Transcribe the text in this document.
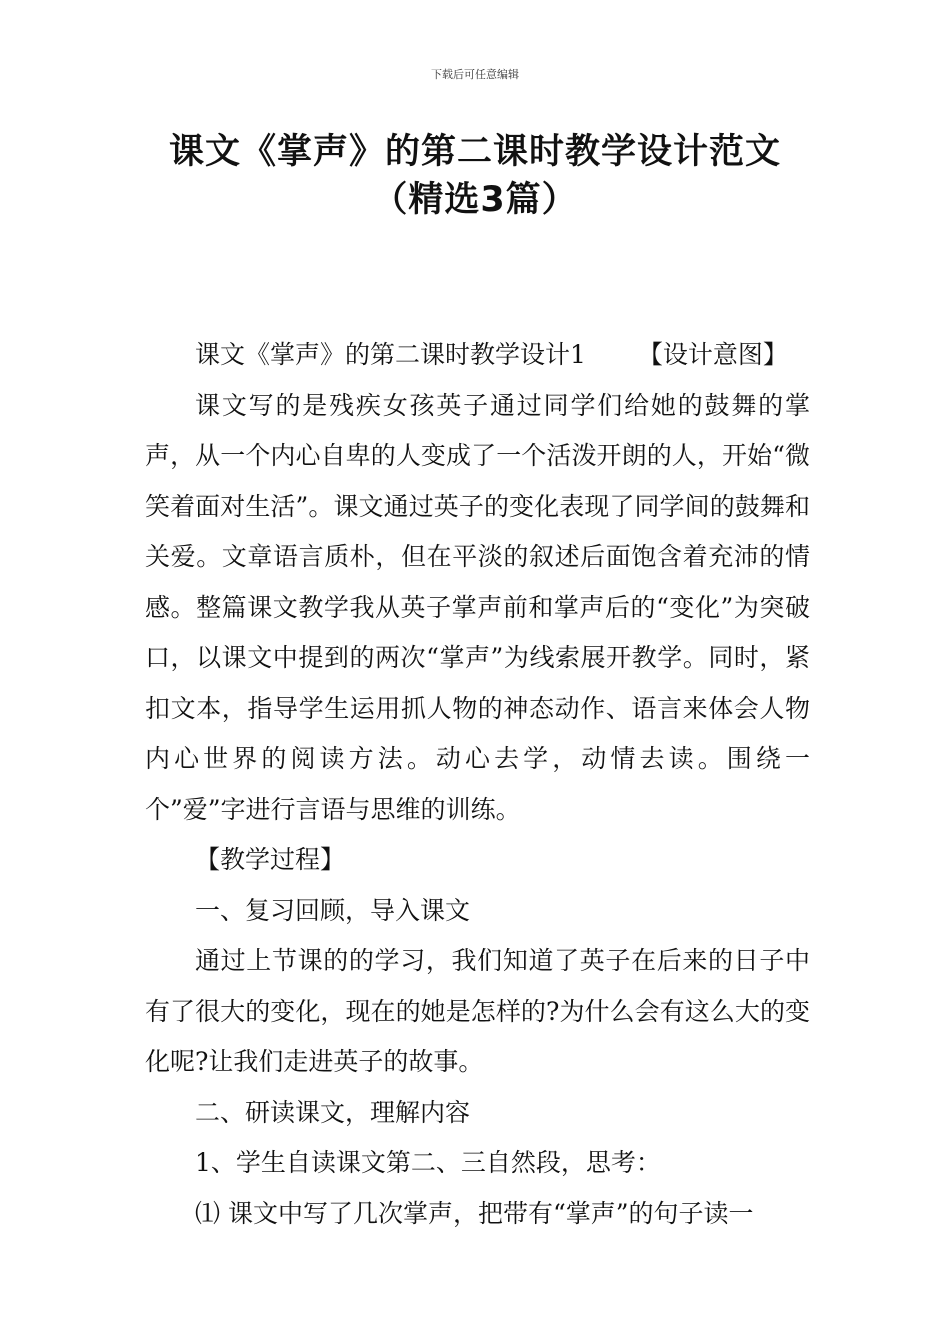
下载后可任意编辑
课文《掌声》的第二课时教学设计范文
（精选3篇）

课文《掌声》的第二课时教学设计1 【设计意图】

课文写的是残疾女孩英子通过同学们给她的鼓舞的掌声，从一个内心自卑的人变成了一个活泼开朗的人，开始“微笑着面对生活”。课文通过英子的变化表现了同学间的鼓舞和关爱。文章语言质朴，但在平淡的叙述后面饱含着充沛的情感。整篇课文教学我从英子掌声前和掌声后的“变化”为突破口，以课文中提到的两次“掌声”为线索展开教学。同时，紧扣文本，指导学生运用抓人物的神态动作、语言来体会人物内心世界的阅读方法。动心去学，动情去读。围绕一个”爱”字进行言语与思维的训练。

【教学过程】

一、复习回顾，导入课文

通过上节课的的学习，我们知道了英子在后来的日子中有了很大的变化，现在的她是怎样的?为什么会有这么大的变化呢?让我们走进英子的故事。

二、研读课文，理解内容

1、学生自读课文第二、三自然段，思考：

⑴ 课文中写了几次掌声，把带有“掌声”的句子读一
